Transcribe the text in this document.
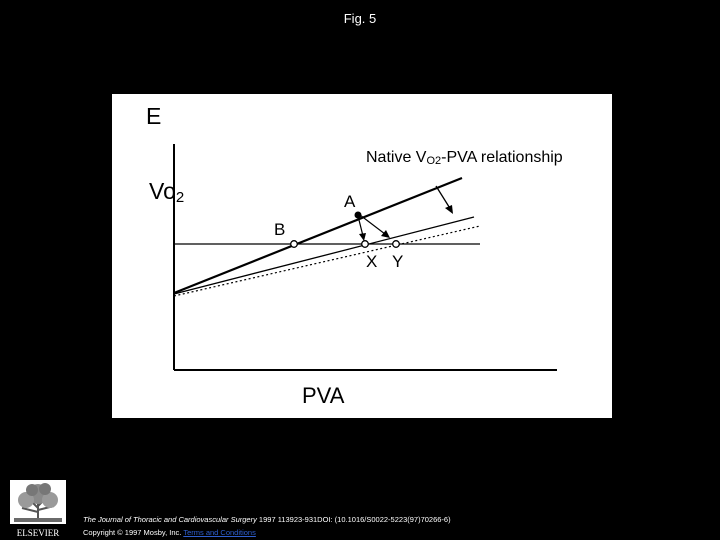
Fig. 5
E
Vo2
PVA
Native VO2-PVA relationship
A
B
X Y
ELSEVIER
The Journal of Thoracic and Cardiovascular Surgery 1997 113923-931DOI: (10.1016/S0022-5223(97)70266-6)
Copyright © 1997 Mosby, Inc. Terms and Conditions
